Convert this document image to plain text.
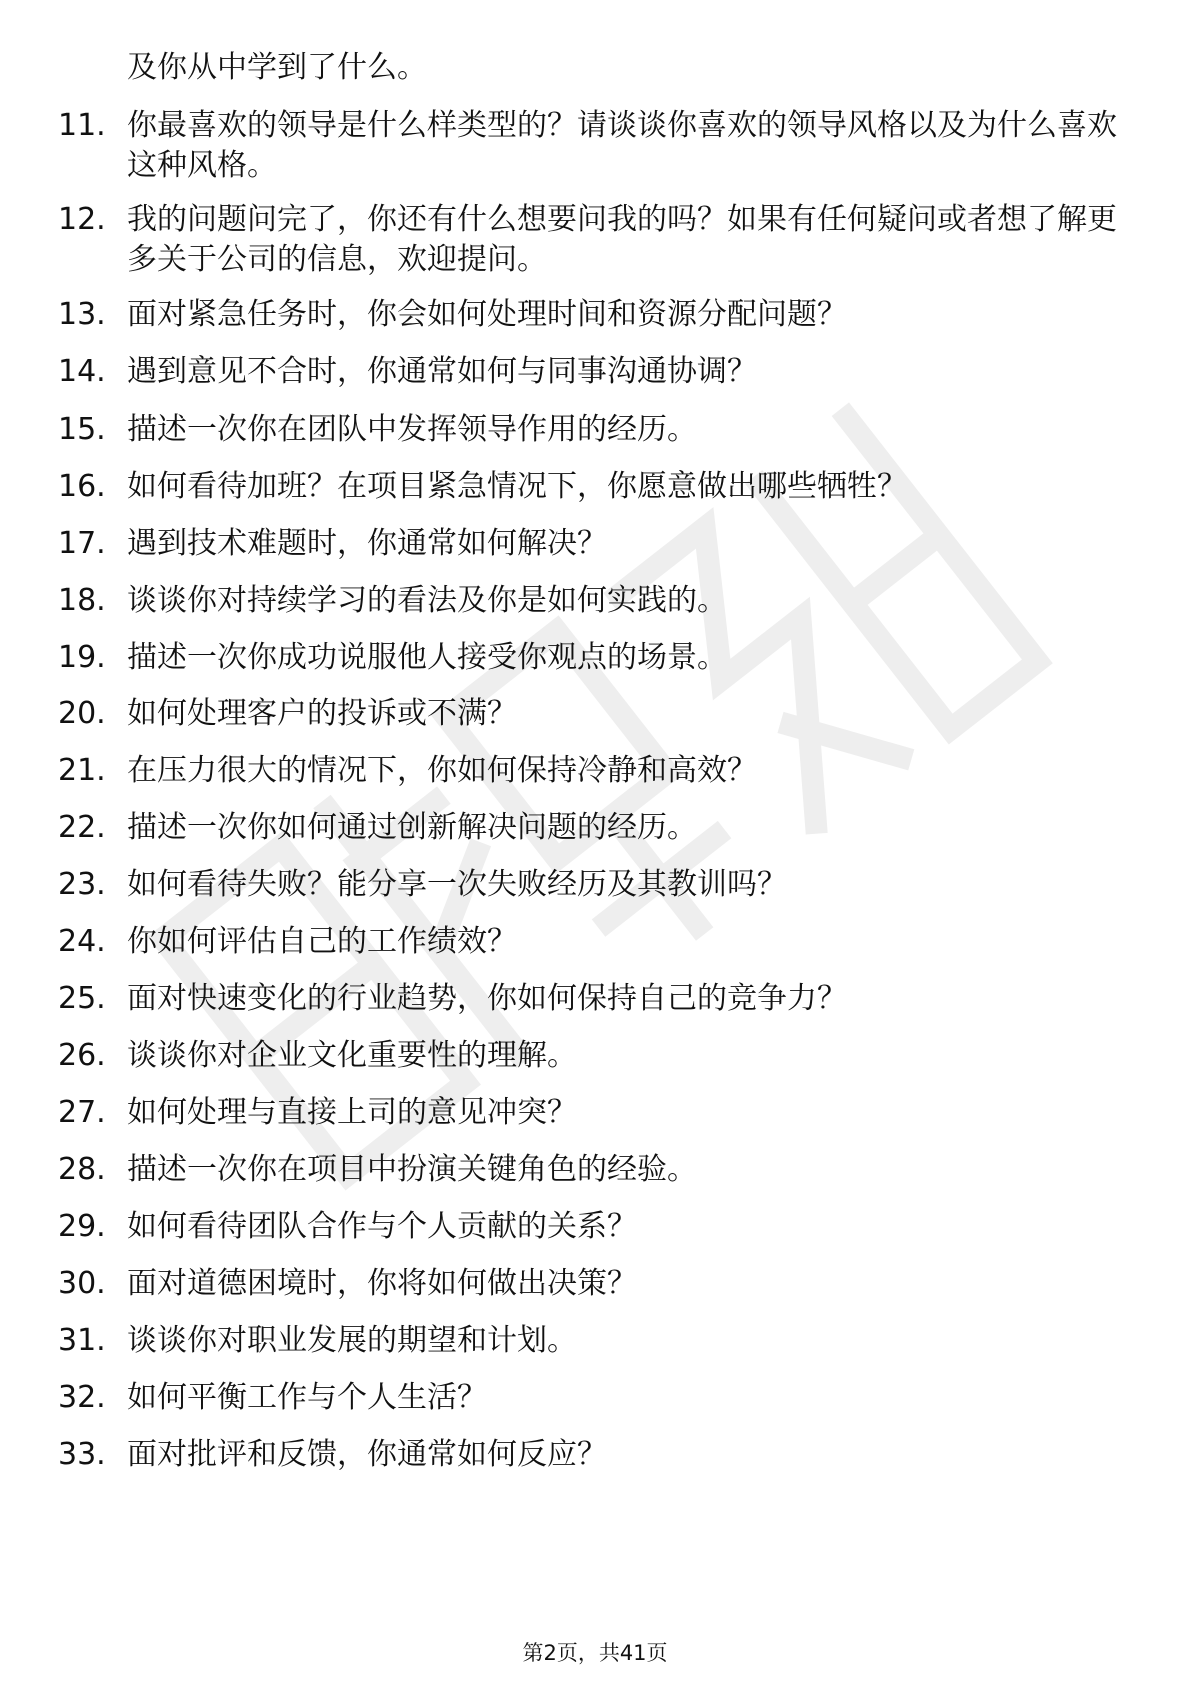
及你从中学到了什么。
11. 你最喜欢的领导是什么样类型的？请谈谈你喜欢的领导风格以及为什么喜欢这种风格。
12. 我的问题问完了，你还有什么想要问我的吗？如果有任何疑问或者想了解更多关于公司的信息，欢迎提问。
13. 面对紧急任务时，你会如何处理时间和资源分配问题？
14. 遇到意见不合时，你通常如何与同事沟通协调？
15. 描述一次你在团队中发挥领导作用的经历。
16. 如何看待加班？在项目紧急情况下，你愿意做出哪些牺牲？
17. 遇到技术难题时，你通常如何解决？
18. 谈谈你对持续学习的看法及你是如何实践的。
19. 描述一次你成功说服他人接受你观点的场景。
20. 如何处理客户的投诉或不满？
21. 在压力很大的情况下，你如何保持冷静和高效？
22. 描述一次你如何通过创新解决问题的经历。
23. 如何看待失败？能分享一次失败经历及其教训吗？
24. 你如何评估自己的工作绩效？
25. 面对快速变化的行业趋势，你如何保持自己的竞争力？
26. 谈谈你对企业文化重要性的理解。
27. 如何处理与直接上司的意见冲突？
28. 描述一次你在项目中扮演关键角色的经验。
29. 如何看待团队合作与个人贡献的关系？
30. 面对道德困境时，你将如何做出决策？
31. 谈谈你对职业发展的期望和计划。
32. 如何平衡工作与个人生活？
33. 面对批评和反馈，你通常如何反应？
第2页，共41页
